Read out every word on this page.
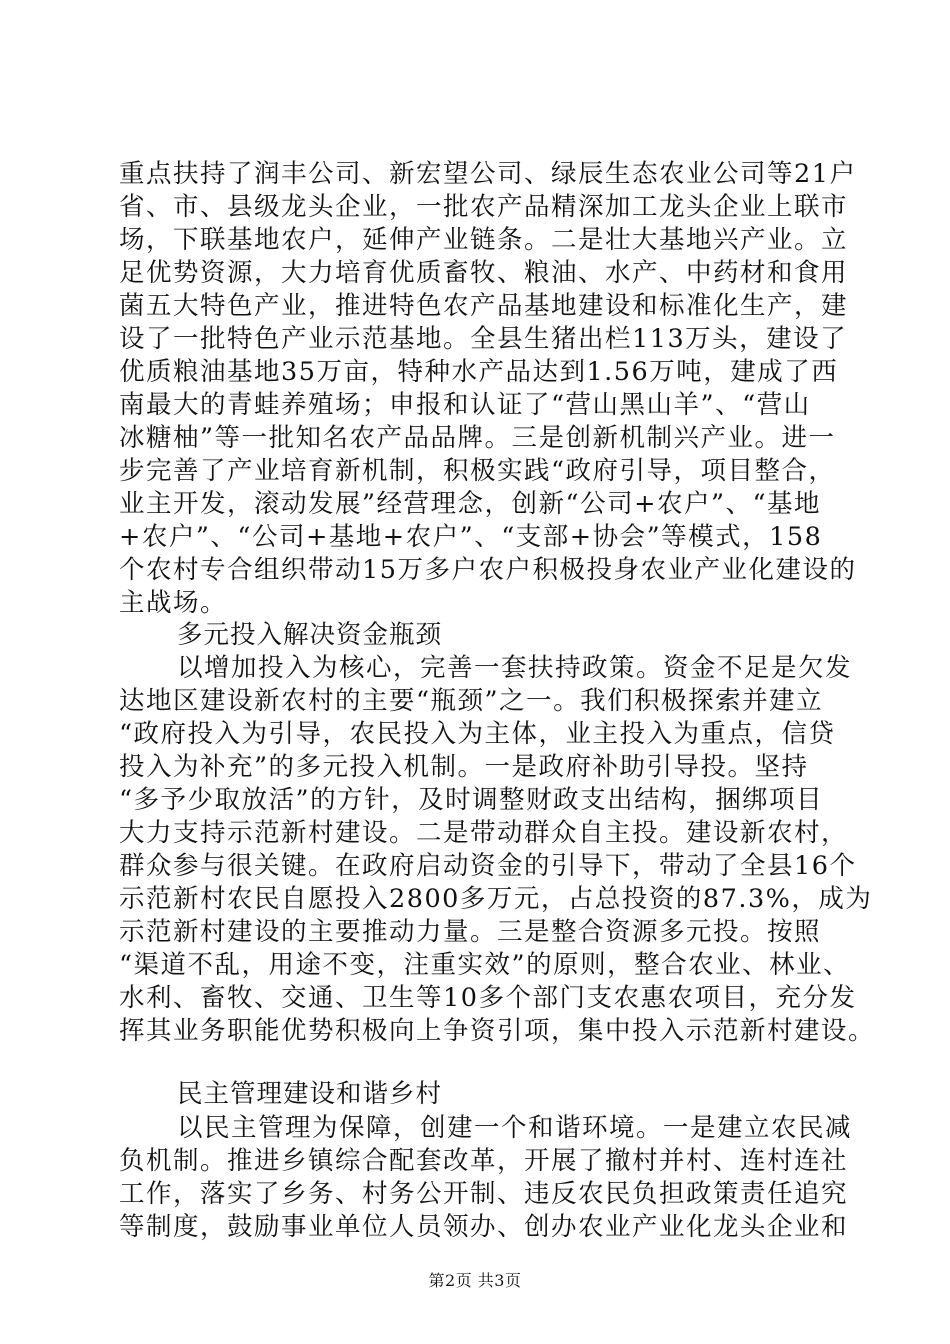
重点扶持了润丰公司、新宏望公司、绿辰生态农业公司等21户
省、市、县级龙头企业，一批农产品精深加工龙头企业上联市
场，下联基地农户，延伸产业链条。二是壮大基地兴产业。立
足优势资源，大力培育优质畜牧、粮油、水产、中药材和食用
菌五大特色产业，推进特色农产品基地建设和标准化生产，建
设了一批特色产业示范基地。全县生猪出栏113万头，建设了
优质粮油基地35万亩，特种水产品达到1.56万吨，建成了西
南最大的青蛙养殖场；申报和认证了“营山黑山羊”、“营山
冰糖柚”等一批知名农产品品牌。三是创新机制兴产业。进一
步完善了产业培育新机制，积极实践“政府引导，项目整合，
业主开发，滚动发展”经营理念，创新“公司+农户”、“基地
+农户”、“公司+基地+农户”、“支部+协会”等模式，158
个农村专合组织带动15万多户农户积极投身农业产业化建设的
主战场。
多元投入解决资金瓶颈
以增加投入为核心，完善一套扶持政策。资金不足是欠发
达地区建设新农村的主要“瓶颈”之一。我们积极探索并建立
“政府投入为引导，农民投入为主体，业主投入为重点，信贷
投入为补充”的多元投入机制。一是政府补助引导投。坚持
“多予少取放活”的方针，及时调整财政支出结构，捆绑项目
大力支持示范新村建设。二是带动群众自主投。建设新农村，
群众参与很关键。在政府启动资金的引导下，带动了全县16个
示范新村农民自愿投入2800多万元，占总投资的87.3%，成为
示范新村建设的主要推动力量。三是整合资源多元投。按照
“渠道不乱，用途不变，注重实效”的原则，整合农业、林业、
水利、畜牧、交通、卫生等10多个部门支农惠农项目，充分发
挥其业务职能优势积极向上争资引项，集中投入示范新村建设。
民主管理建设和谐乡村
以民主管理为保障，创建一个和谐环境。一是建立农民减
负机制。推进乡镇综合配套改革，开展了撤村并村、连村连社
工作，落实了乡务、村务公开制、违反农民负担政策责任追究
等制度，鼓励事业单位人员领办、创办农业产业化龙头企业和
第2页 共3页
